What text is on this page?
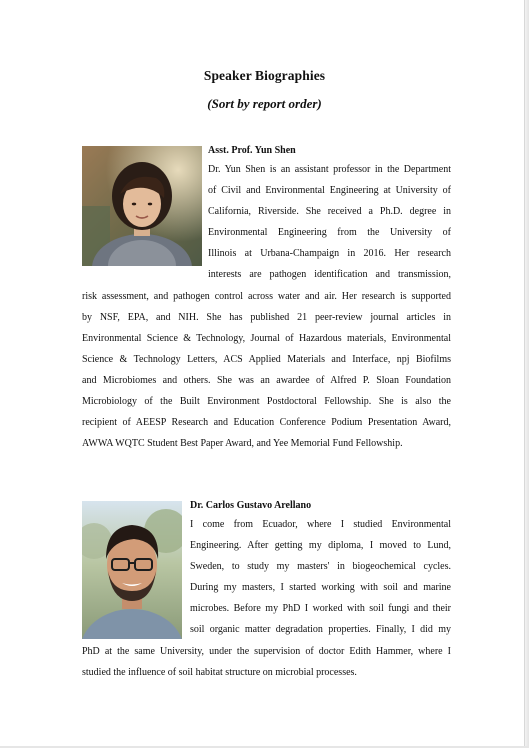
Speaker Biographies
(Sort by report order)
Asst. Prof. Yun Shen
Dr. Yun Shen is an assistant professor in the Department
of Civil and Environmental Engineering at University of
California, Riverside. She received a Ph.D. degree in
Environmental Engineering from the University of
Illinois at Urbana-Champaign in 2016. Her research
interests are pathogen identification and transmission,
risk assessment, and pathogen control across water and air. Her research is supported
by NSF, EPA, and NIH. She has published 21 peer-review journal articles in
Environmental Science & Technology, Journal of Hazardous materials, Environmental
Science & Technology Letters, ACS Applied Materials and Interface, npj Biofilms
and Microbiomes and others. She was an awardee of Alfred P. Sloan Foundation
Microbiology of the Built Environment Postdoctoral Fellowship. She is also the
recipient of AEESP Research and Education Conference Podium Presentation Award,
AWWA WQTC Student Best Paper Award, and Yee Memorial Fund Fellowship.
Dr. Carlos Gustavo Arellano
I come from Ecuador, where I studied Environmental
Engineering. After getting my diploma, I moved to Lund,
Sweden, to study my masters' in biogeochemical cycles.
During my masters, I started working with soil and marine
microbes. Before my PhD I worked with soil fungi and their
soil organic matter degradation properties. Finally, I did my
PhD at the same University, under the supervision of doctor Edith Hammer, where I
studied the influence of soil habitat structure on microbial processes.
